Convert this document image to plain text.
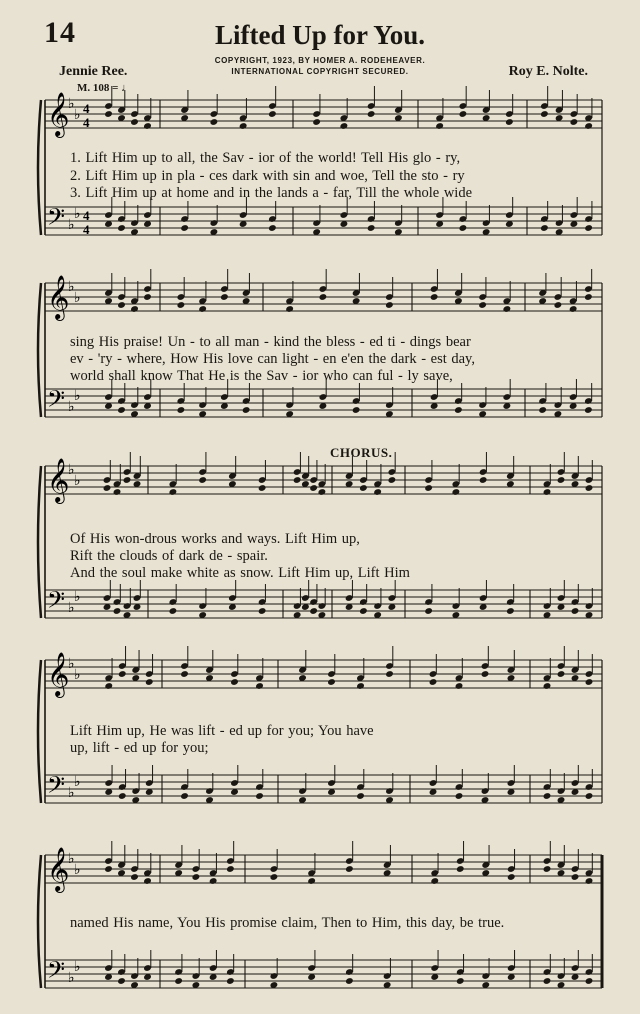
14	Lifted Up for You.
COPYRIGHT, 1923, BY HOMER A. RODEHEAVER.
INTERNATIONAL COPYRIGHT SECURED.
Jennie Ree.	Roy E. Nolte.
M. 108 = ♩
CHORUS.
𝄞
𝄢
♭
♭
♭
♭
𝄞
𝄢
♭
♭
♭
♭
𝄞
𝄢
♭
♭
♭
♭
𝄞
𝄢
♭
♭
♭
♭
𝄞
𝄢
♭
♭
♭
♭
4
4
4
4
1. Lift Him up to all, the Sav - ior of the world! Tell His glo - ry,
2. Lift Him up in pla - ces dark with sin and woe, Tell the sto - ry
3. Lift Him up at home and in the lands a - far, Till the whole wide
sing His praise! Un - to all man - kind the bless - ed ti - dings bear
ev - 'ry - where, How His love can light - en e'en the dark - est day,
world shall know That He is the Sav - ior who can ful - ly save,
Of His won-drous works and ways. Lift Him up,
Rift the clouds of dark de - spair.
And the soul make white as snow. Lift Him up, Lift Him
Lift Him up, He was lift - ed up for you; You have
up, lift - ed up for you;
named His name, You His promise claim, Then to Him, this day, be true.
